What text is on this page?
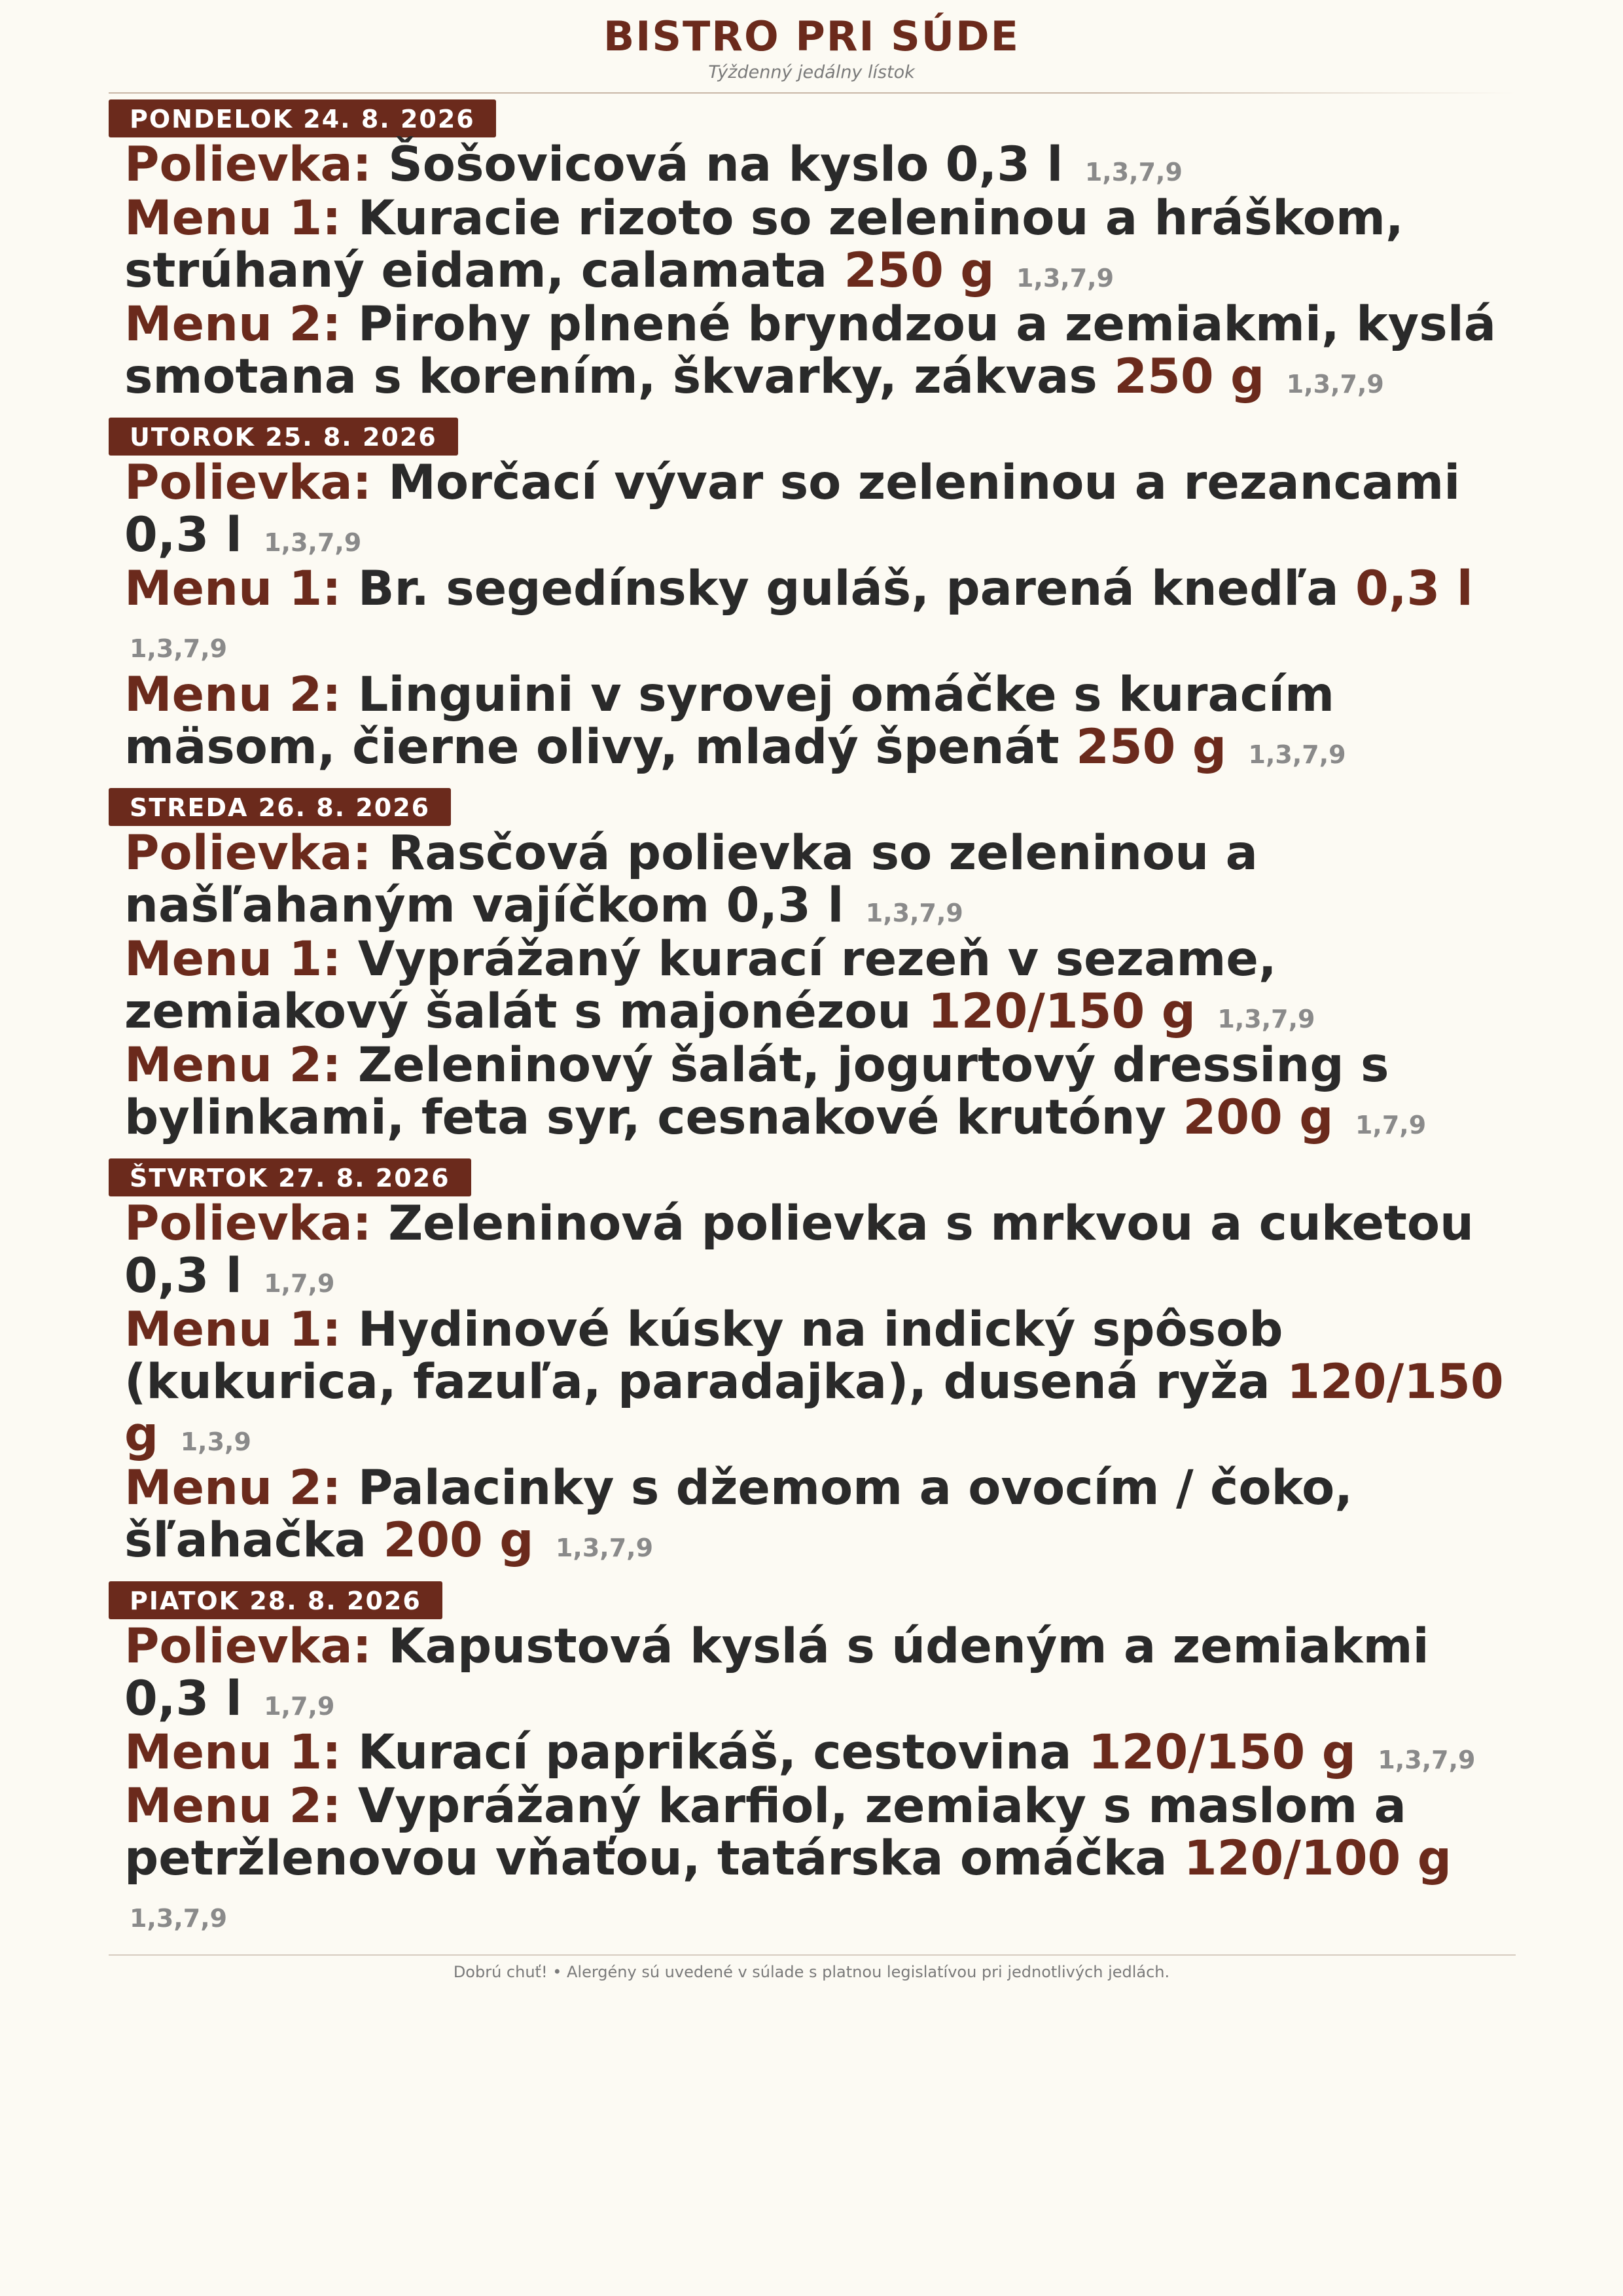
BISTRO PRI SÚDE
Týždenný jedálny lístok
PONDELOK 24. 8. 2026
Polievka: Šošovicová na kyslo 0,3 l $^{1,3,7,9}$
Menu 1: Kuracie rizoto so zeleninou a hráškom, strúhaný eidam, calamata 250 g $^{1,3,7,9}$
Menu 2: Pirohy plnené bryndzou a zemiakmi, kyslá smotana s korením, škvarky, zákvas 250 g $^{1,3,7,9}$
UTOROK 25. 8. 2026
Polievka: Morčací vývar so zeleninou a rezancami 0,3 l $^{1,3,7,9}$
Menu 1: Br. segedínsky guláš, parená knedľa 0,3 l $^{1,3,7,9}$
Menu 2: Linguini v syrovej omáčke s kuracím mäsom, čierne olivy, mladý špenát 250 g $^{1,3,7,9}$
STREDA 26. 8. 2026
Polievka: Rasčová polievka so zeleninou a našľahaným vajíčkom 0,3 l $^{1,3,7,9}$
Menu 1: Vyprážaný kurací rezeň v sezame, zemiakový šalát s majonézou 120/150 g $^{1,3,7,9}$
Menu 2: Zeleninový šalát, jogurtový dressing s bylinkami, feta syr, cesnakové krutóny 200 g $^{1,7,9}$
ŠTVRTOK 27. 8. 2026
Polievka: Zeleninová polievka s mrkvou a cuketou 0,3 l $^{1,7,9}$
Menu 1: Hydinové kúsky na indický spôsob (kukurica, fazuľa, paradajka), dusená ryža 120/150 g $^{1,3,9}$
Menu 2: Palacinky s džemom a ovocím / čoko, šľahačka 200 g $^{1,3,7,9}$
PIATOK 28. 8. 2026
Polievka: Kapustová kyslá s údeným a zemiakmi 0,3 l $^{1,7,9}$
Menu 1: Kurací paprikáš, cestovina 120/150 g $^{1,3,7,9}$
Menu 2: Vyprážaný karfiol, zemiaky s maslom a petržlenovou vňaťou, tatárska omáčka 120/100 g $^{1,3,7,9}$
Dobrú chuť! • Alergény sú uvedené v súlade s platnou legislatívou pri jednotlivých jedlách.
